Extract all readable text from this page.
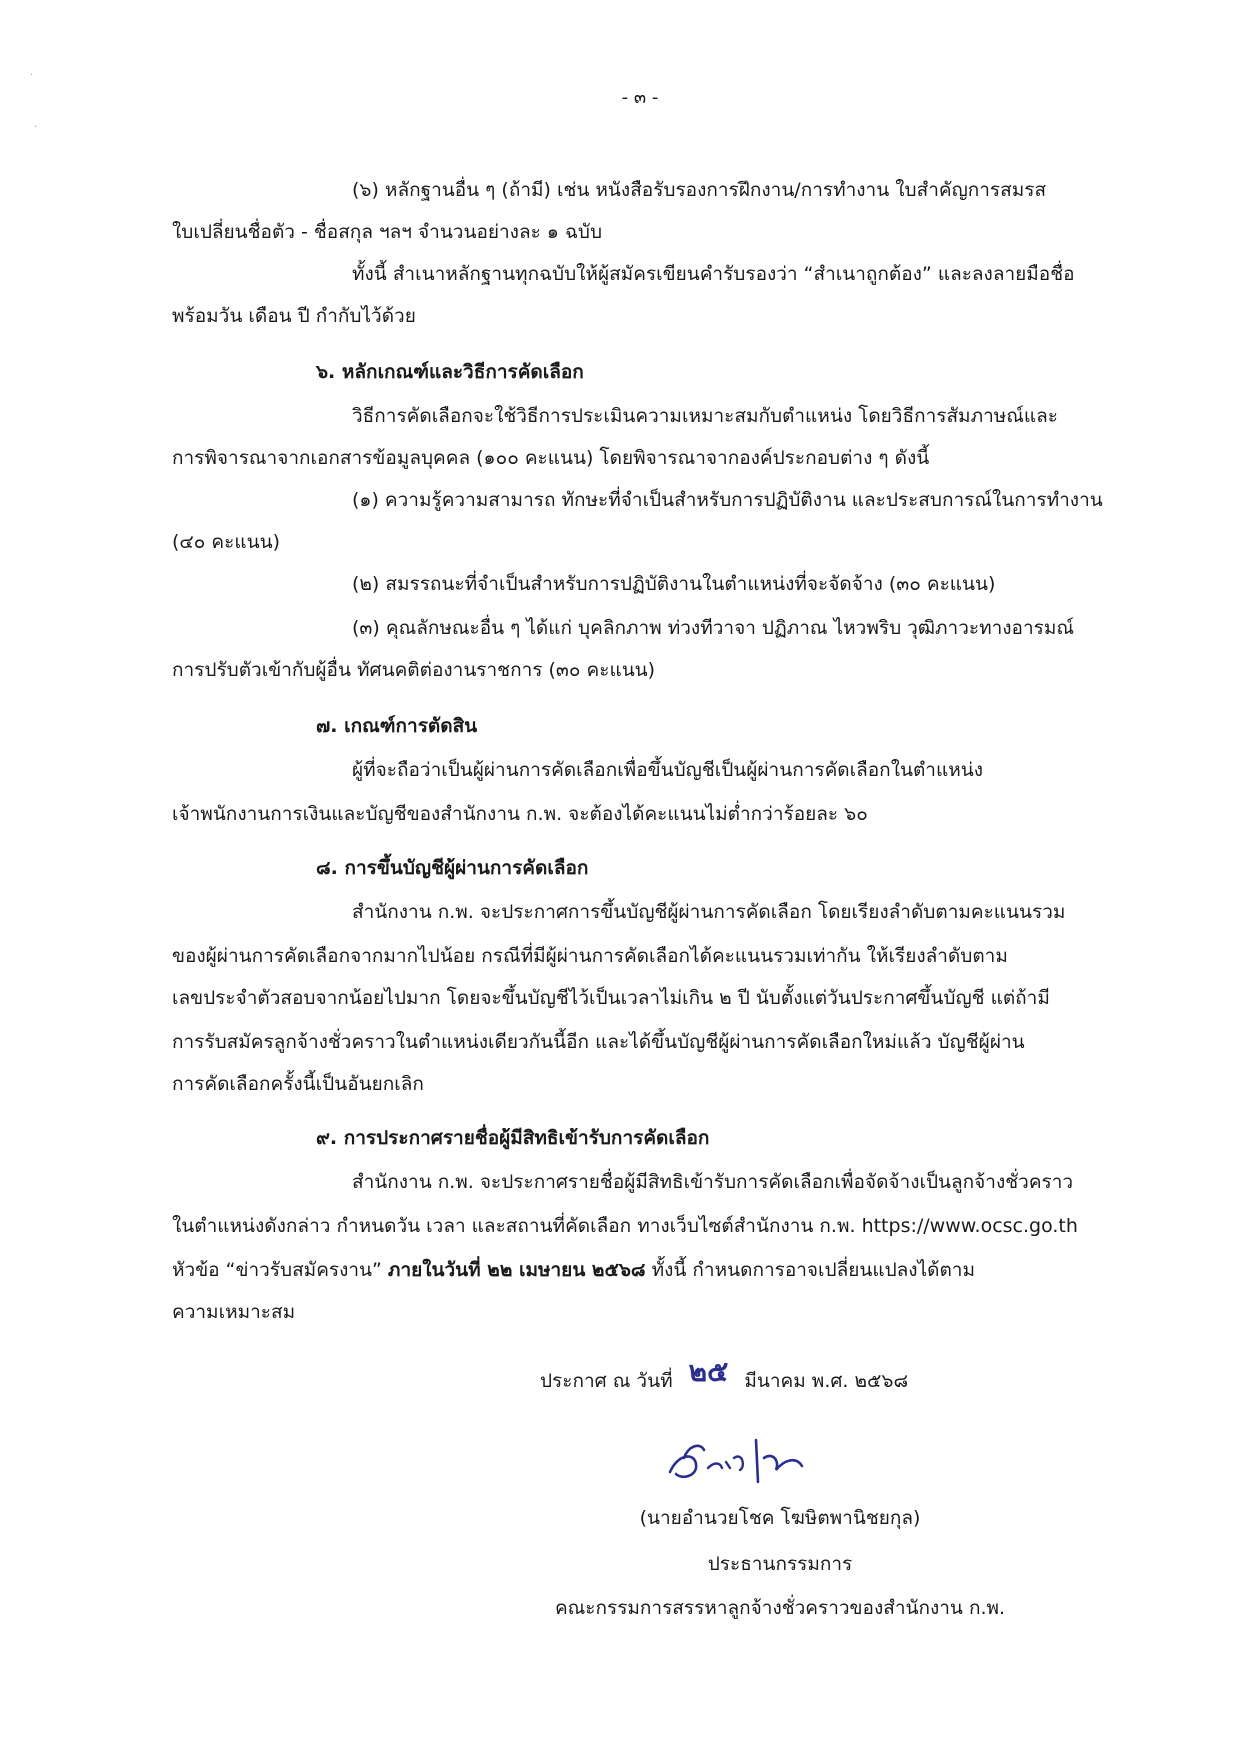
·
·
- ๓ -
(๖) หลักฐานอื่น ๆ (ถ้ามี) เช่น หนังสือรับรองการฝึกงาน/การทำงาน ใบสำคัญการสมรส
ใบเปลี่ยนชื่อตัว - ชื่อสกุล ฯลฯ จำนวนอย่างละ ๑ ฉบับ
ทั้งนี้ สำเนาหลักฐานทุกฉบับให้ผู้สมัครเขียนคำรับรองว่า “สำเนาถูกต้อง” และลงลายมือชื่อ
พร้อมวัน เดือน ปี กำกับไว้ด้วย
๖. หลักเกณฑ์และวิธีการคัดเลือก
วิธีการคัดเลือกจะใช้วิธีการประเมินความเหมาะสมกับตำแหน่ง โดยวิธีการสัมภาษณ์และ
การพิจารณาจากเอกสารข้อมูลบุคคล (๑๐๐ คะแนน) โดยพิจารณาจากองค์ประกอบต่าง ๆ ดังนี้
(๑) ความรู้ความสามารถ ทักษะที่จำเป็นสำหรับการปฏิบัติงาน และประสบการณ์ในการทำงาน
(๔๐ คะแนน)
(๒) สมรรถนะที่จำเป็นสำหรับการปฏิบัติงานในตำแหน่งที่จะจัดจ้าง (๓๐ คะแนน)
(๓) คุณลักษณะอื่น ๆ ได้แก่ บุคลิกภาพ ท่วงทีวาจา ปฏิภาณ ไหวพริบ วุฒิภาวะทางอารมณ์
การปรับตัวเข้ากับผู้อื่น ทัศนคติต่องานราชการ (๓๐ คะแนน)
๗. เกณฑ์การตัดสิน
ผู้ที่จะถือว่าเป็นผู้ผ่านการคัดเลือกเพื่อขึ้นบัญชีเป็นผู้ผ่านการคัดเลือกในตำแหน่ง
เจ้าพนักงานการเงินและบัญชีของสำนักงาน ก.พ. จะต้องได้คะแนนไม่ต่ำกว่าร้อยละ ๖๐
๘. การขึ้นบัญชีผู้ผ่านการคัดเลือก
สำนักงาน ก.พ. จะประกาศการขึ้นบัญชีผู้ผ่านการคัดเลือก โดยเรียงลำดับตามคะแนนรวม
ของผู้ผ่านการคัดเลือกจากมากไปน้อย กรณีที่มีผู้ผ่านการคัดเลือกได้คะแนนรวมเท่ากัน ให้เรียงลำดับตาม
เลขประจำตัวสอบจากน้อยไปมาก โดยจะขึ้นบัญชีไว้เป็นเวลาไม่เกิน ๒ ปี นับตั้งแต่วันประกาศขึ้นบัญชี แต่ถ้ามี
การรับสมัครลูกจ้างชั่วคราวในตำแหน่งเดียวกันนี้อีก และได้ขึ้นบัญชีผู้ผ่านการคัดเลือกใหม่แล้ว บัญชีผู้ผ่าน
การคัดเลือกครั้งนี้เป็นอันยกเลิก
๙. การประกาศรายชื่อผู้มีสิทธิเข้ารับการคัดเลือก
สำนักงาน ก.พ. จะประกาศรายชื่อผู้มีสิทธิเข้ารับการคัดเลือกเพื่อจัดจ้างเป็นลูกจ้างชั่วคราว
ในตำแหน่งดังกล่าว กำหนดวัน เวลา และสถานที่คัดเลือก ทางเว็บไซต์สำนักงาน ก.พ. https://www.ocsc.go.th
หัวข้อ “ข่าวรับสมัครงาน” ภายในวันที่ ๒๒ เมษายน ๒๕๖๘ ทั้งนี้ กำหนดการอาจเปลี่ยนแปลงได้ตาม
ความเหมาะสม
ประกาศ ณ วันที่ ๒๕ มีนาคม พ.ศ. ๒๕๖๘
(นายอำนวยโชค โฆษิตพานิชยกุล)
ประธานกรรมการ
คณะกรรมการสรรหาลูกจ้างชั่วคราวของสำนักงาน ก.พ.
